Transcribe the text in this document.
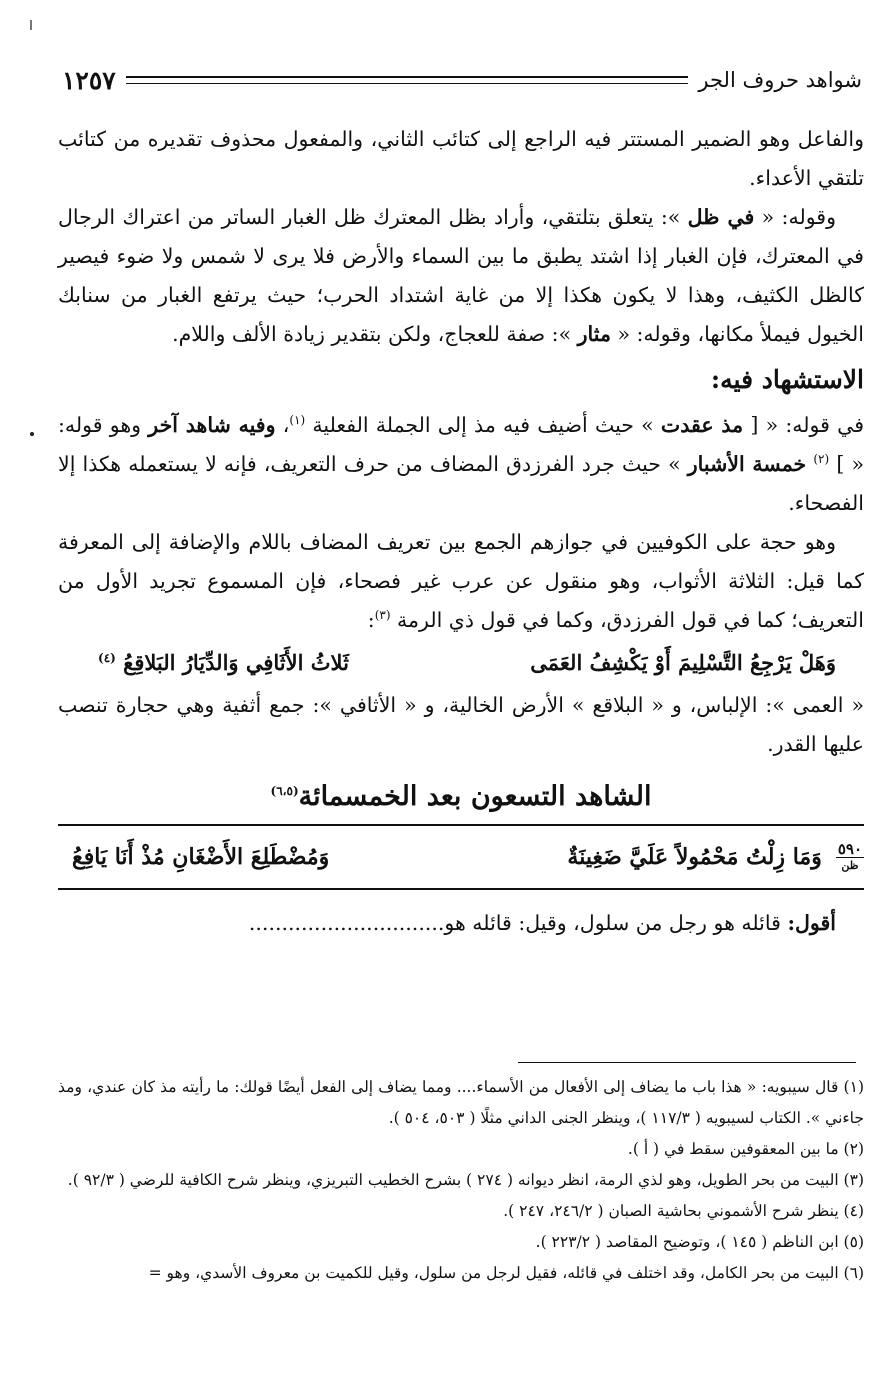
١٢٥٧	شواهد حروف الجر

والفاعل وهو الضمير المستتر فيه الراجع إلى كتائب الثاني، والمفعول محذوف تقديره من كتائب تلتقي الأعداء.

وقوله: « في ظل »: يتعلق بتلتقي، وأراد بظل المعترك ظل الغبار الساتر من اعتراك الرجال في المعترك، فإن الغبار إذا اشتد يطبق ما بين السماء والأرض فلا يرى لا شمس ولا ضوء فيصير كالظل الكثيف، وهذا لا يكون هكذا إلا من غاية اشتداد الحرب؛ حيث يرتفع الغبار من سنابك الخيول فيملأ مكانها، وقوله: « مثار »: صفة للعجاج، ولكن بتقدير زيادة الألف واللام.

الاستشهاد فيه:

في قوله: « [ مذ عقدت » حيث أضيف فيه مذ إلى الجملة الفعلية $^{(١)}$، وفيه شاهد آخر وهو قوله: « ] $^{(٢)}$ خمسة الأشبار » حيث جرد الفرزدق المضاف من حرف التعريف، فإنه لا يستعمله هكذا إلا الفصحاء.

وهو حجة على الكوفيين في جوازهم الجمع بين تعريف المضاف باللام والإضافة إلى المعرفة كما قيل: الثلاثة الأثواب، وهو منقول عن عرب غير فصحاء، فإن المسموع تجريد الأول من التعريف؛ كما في قول الفرزدق، وكما في قول ذي الرمة $^{(٣)}$:

وَهَلْ يَرْجِعُ التَّسْلِيمَ أَوْ يَكْشِفُ العَمَى
ثَلاثُ الأَثَافِي وَالدِّيَارُ البَلاقِعُ $^{(٤)}$

« العمى »: الإلباس، و « البلاقع » الأرض الخالية، و « الأثافي »: جمع أثفية وهي حجارة تنصب عليها القدر.

الشاهد التسعون بعد الخمسمائة$^{(٦،٥)}$
٥٩٠
ظن
وَمَا زِلْتُ مَحْمُولاً عَلَيَّ ضَغِينَةٌ
وَمُضْطَلِعَ الأَضْغَانِ مُذْ أَنَا يَافِعُ

أقول: قائله هو رجل من سلول، وقيل: قائله هو..............................

(١) قال سيبويه: « هذا باب ما يضاف إلى الأفعال من الأسماء.... ومما يضاف إلى الفعل أيضًا قولك: ما رأيته مذ كان عندي، ومذ جاءني ». الكتاب لسيبويه ( ١١٧/٣ )، وينظر الجنى الداني مثلًا ( ٥٠٣، ٥٠٤ ).

(٢) ما بين المعقوفين سقط في ( أ ).

(٣) البيت من بحر الطويل، وهو لذي الرمة، انظر ديوانه ( ٢٧٤ ) بشرح الخطيب التبريزي، وينظر شرح الكافية للرضي ( ٩٢/٣ ).

(٤) ينظر شرح الأشموني بحاشية الصبان ( ٢٤٦/٢، ٢٤٧ ).

(٥) ابن الناظم ( ١٤٥ )، وتوضيح المقاصد ( ٢٢٣/٢ ).

(٦) البيت من بحر الكامل، وقد اختلف في قائله، فقيل لرجل من سلول، وقيل للكميت بن معروف الأسدي، وهو =
